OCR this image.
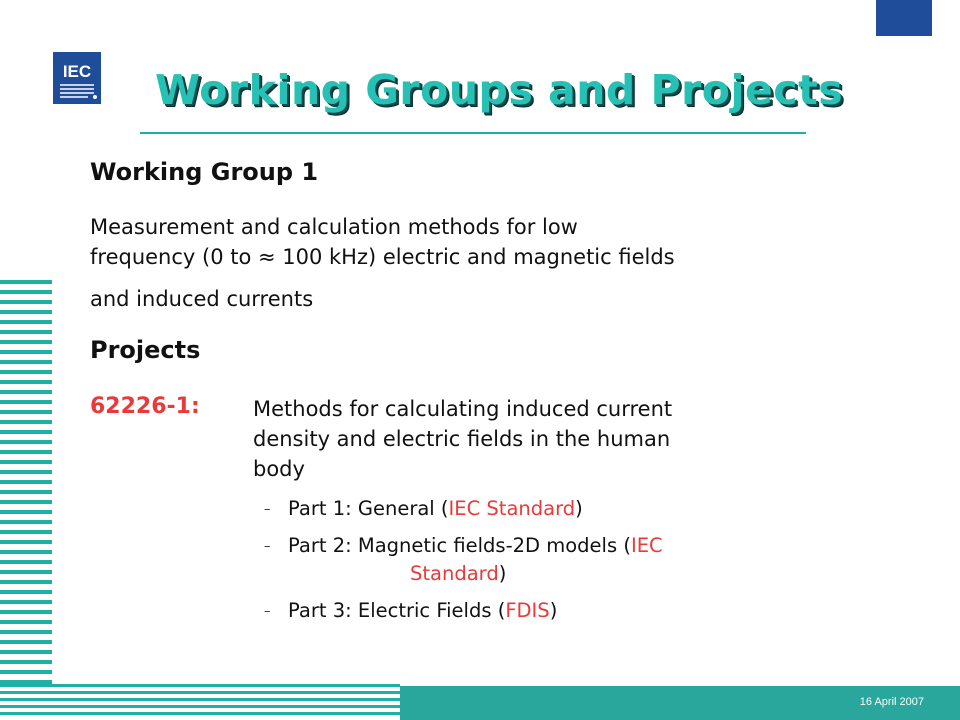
IEC Working Groups and Projects
16 April 2007
Working Group 1
Measurement and calculation methods for low
frequency (0 to ≈ 100 kHz) electric and magnetic fields
and induced currents
Projects
62226-1:	Methods for calculating induced current
density and electric fields in the human
body
– Part 1: General (IEC Standard)
– Part 2: Magnetic fields-2D models (IEC
Standard)
– Part 3: Electric Fields (FDIS)
